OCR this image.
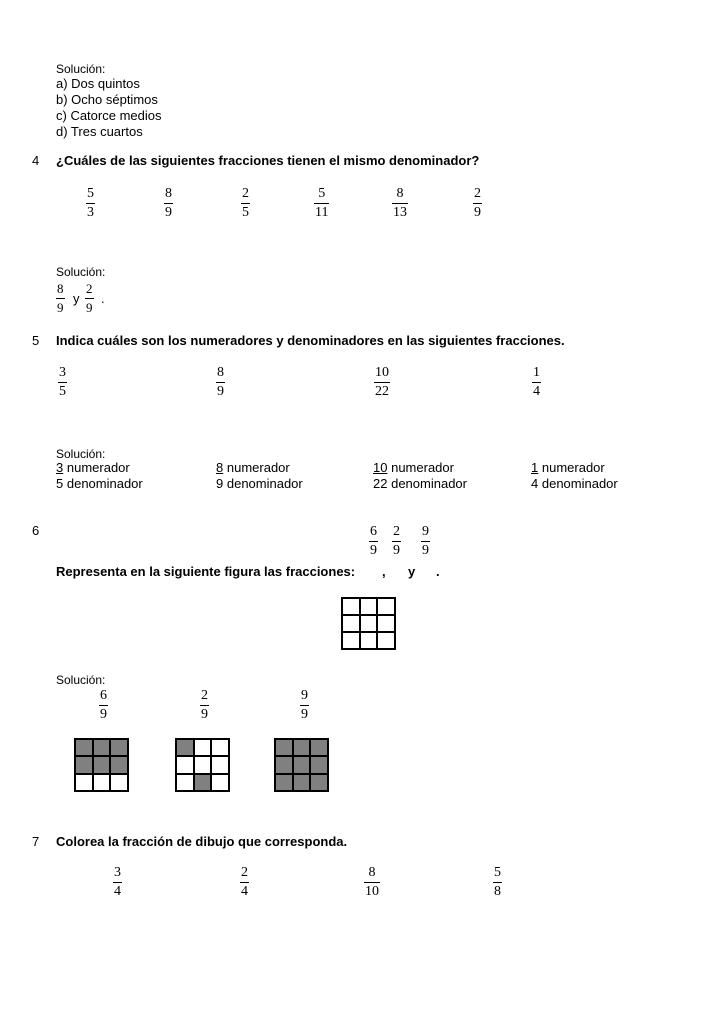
Solución:
a) Dos quintos
b) Ocho séptimos
c) Catorce medios
d) Tres cuartos
4 ¿Cuáles de las siguientes fracciones tienen el mismo denominador?
5
3
8
9
2
5
5
11
8
13
2
9
Solución:
8
9
y
2
9
.
5 Indica cuáles son los numeradores y denominadores en las siguientes fracciones.
3
5
8
9
10
22
1
4
Solución:
3 numerador
5 denominador
8 numerador
9 denominador
10 numerador
22 denominador
1 numerador
4 denominador
6	6
9
2
9
9
9
Representa en la siguiente figura las fracciones: , y .
Solución:
6
9
2
9
9
9
7 Colorea la fracción de dibujo que corresponda.
3
4
2
4
8
10
5
8
